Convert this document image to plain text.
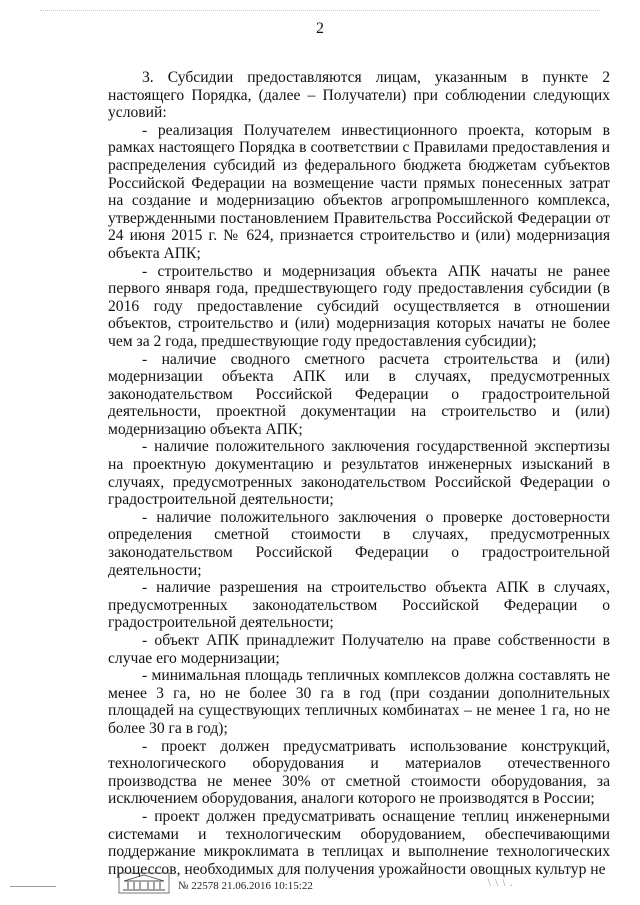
2

3. Субсидии предоставляются лицам, указанным в пункте 2 настоящего Порядка, (далее – Получатели) при соблюдении следующих условий:

- реализация Получателем инвестиционного проекта, которым в рамках настоящего Порядка в соответствии с Правилами предоставления и распределения субсидий из федерального бюджета бюджетам субъектов Российской Федерации на возмещение части прямых понесенных затрат на создание и модернизацию объектов агропромышленного комплекса, утвержденными постановлением Правительства Российской Федерации от 24 июня 2015 г. № 624, признается строительство и (или) модернизация объекта АПК;

- строительство и модернизация объекта АПК начаты не ранее первого января года, предшествующего году предоставления субсидии (в 2016 году предоставление субсидий осуществляется в отношении объектов, строительство и (или) модернизация которых начаты не более чем за 2 года, предшествующие году предоставления субсидии);

- наличие сводного сметного расчета строительства и (или) модернизации объекта АПК или в случаях, предусмотренных законодательством Российской Федерации о градостроительной деятельности, проектной документации на строительство и (или) модернизацию объекта АПК;

- наличие положительного заключения государственной экспертизы на проектную документацию и результатов инженерных изысканий в случаях, предусмотренных законодательством Российской Федерации о градостроительной деятельности;

- наличие положительного заключения о проверке достоверности определения сметной стоимости в случаях, предусмотренных законодательством Российской Федерации о градостроительной деятельности;

- наличие разрешения на строительство объекта АПК в случаях, предусмотренных законодательством Российской Федерации о градостроительной деятельности;

- объект АПК принадлежит Получателю на праве собственности в случае его модернизации;

- минимальная площадь тепличных комплексов должна составлять не менее 3 га, но не более 30 га в год (при создании дополнительных площадей на существующих тепличных комбинатах – не менее 1 га, но не более 30 га в год);

- проект должен предусматривать использование конструкций, технологического оборудования и материалов отечественного производства не менее 30% от сметной стоимости оборудования, за исключением оборудования, аналоги которого не производятся в России;

- проект должен предусматривать оснащение теплиц инженерными системами и технологическим оборудованием, обеспечивающими поддержание микроклимата в теплицах и выполнение технологических процессов, необходимых для получения урожайности овощных культур не

№ 22578 21.06.2016 10:15:22	\ \ \ .
